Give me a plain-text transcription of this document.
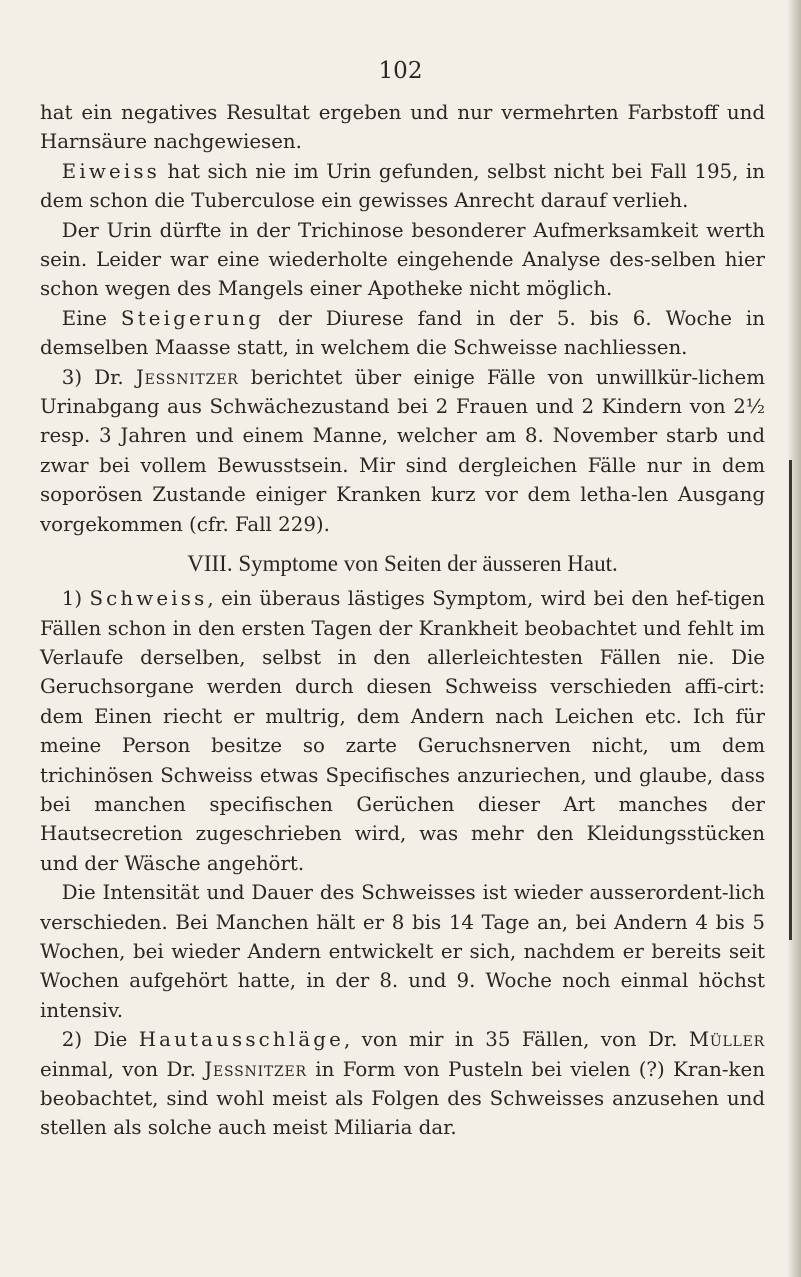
102

hat ein negatives Resultat ergeben und nur vermehrten Farbstoff und Harnsäure nachgewiesen.

Eiweiss hat sich nie im Urin gefunden, selbst nicht bei Fall 195, in dem schon die Tuberculose ein gewisses Anrecht darauf verlieh.

Der Urin dürfte in der Trichinose besonderer Aufmerksamkeit werth sein. Leider war eine wiederholte eingehende Analyse des-selben hier schon wegen des Mangels einer Apotheke nicht möglich.

Eine Steigerung der Diurese fand in der 5. bis 6. Woche in demselben Maasse statt, in welchem die Schweisse nachliessen.

3) Dr. Jessnitzer berichtet über einige Fälle von unwillkür-lichem Urinabgang aus Schwächezustand bei 2 Frauen und 2 Kindern von 2½ resp. 3 Jahren und einem Manne, welcher am 8. November starb und zwar bei vollem Bewusstsein. Mir sind dergleichen Fälle nur in dem soporösen Zustande einiger Kranken kurz vor dem letha-len Ausgang vorgekommen (cfr. Fall 229).

VIII. Symptome von Seiten der äusseren Haut.

1) Schweiss, ein überaus lästiges Symptom, wird bei den hef-tigen Fällen schon in den ersten Tagen der Krankheit beobachtet und fehlt im Verlaufe derselben, selbst in den allerleichtesten Fällen nie. Die Geruchsorgane werden durch diesen Schweiss verschieden affi-cirt: dem Einen riecht er multrig, dem Andern nach Leichen etc. Ich für meine Person besitze so zarte Geruchsnerven nicht, um dem trichinösen Schweiss etwas Specifisches anzuriechen, und glaube, dass bei manchen specifischen Gerüchen dieser Art manches der Hautsecretion zugeschrieben wird, was mehr den Kleidungsstücken und der Wäsche angehört.

Die Intensität und Dauer des Schweisses ist wieder ausserordent-lich verschieden. Bei Manchen hält er 8 bis 14 Tage an, bei Andern 4 bis 5 Wochen, bei wieder Andern entwickelt er sich, nachdem er bereits seit Wochen aufgehört hatte, in der 8. und 9. Woche noch einmal höchst intensiv.

2) Die Hautausschläge, von mir in 35 Fällen, von Dr. Müller einmal, von Dr. Jessnitzer in Form von Pusteln bei vielen (?) Kran-ken beobachtet, sind wohl meist als Folgen des Schweisses anzusehen und stellen als solche auch meist Miliaria dar.
